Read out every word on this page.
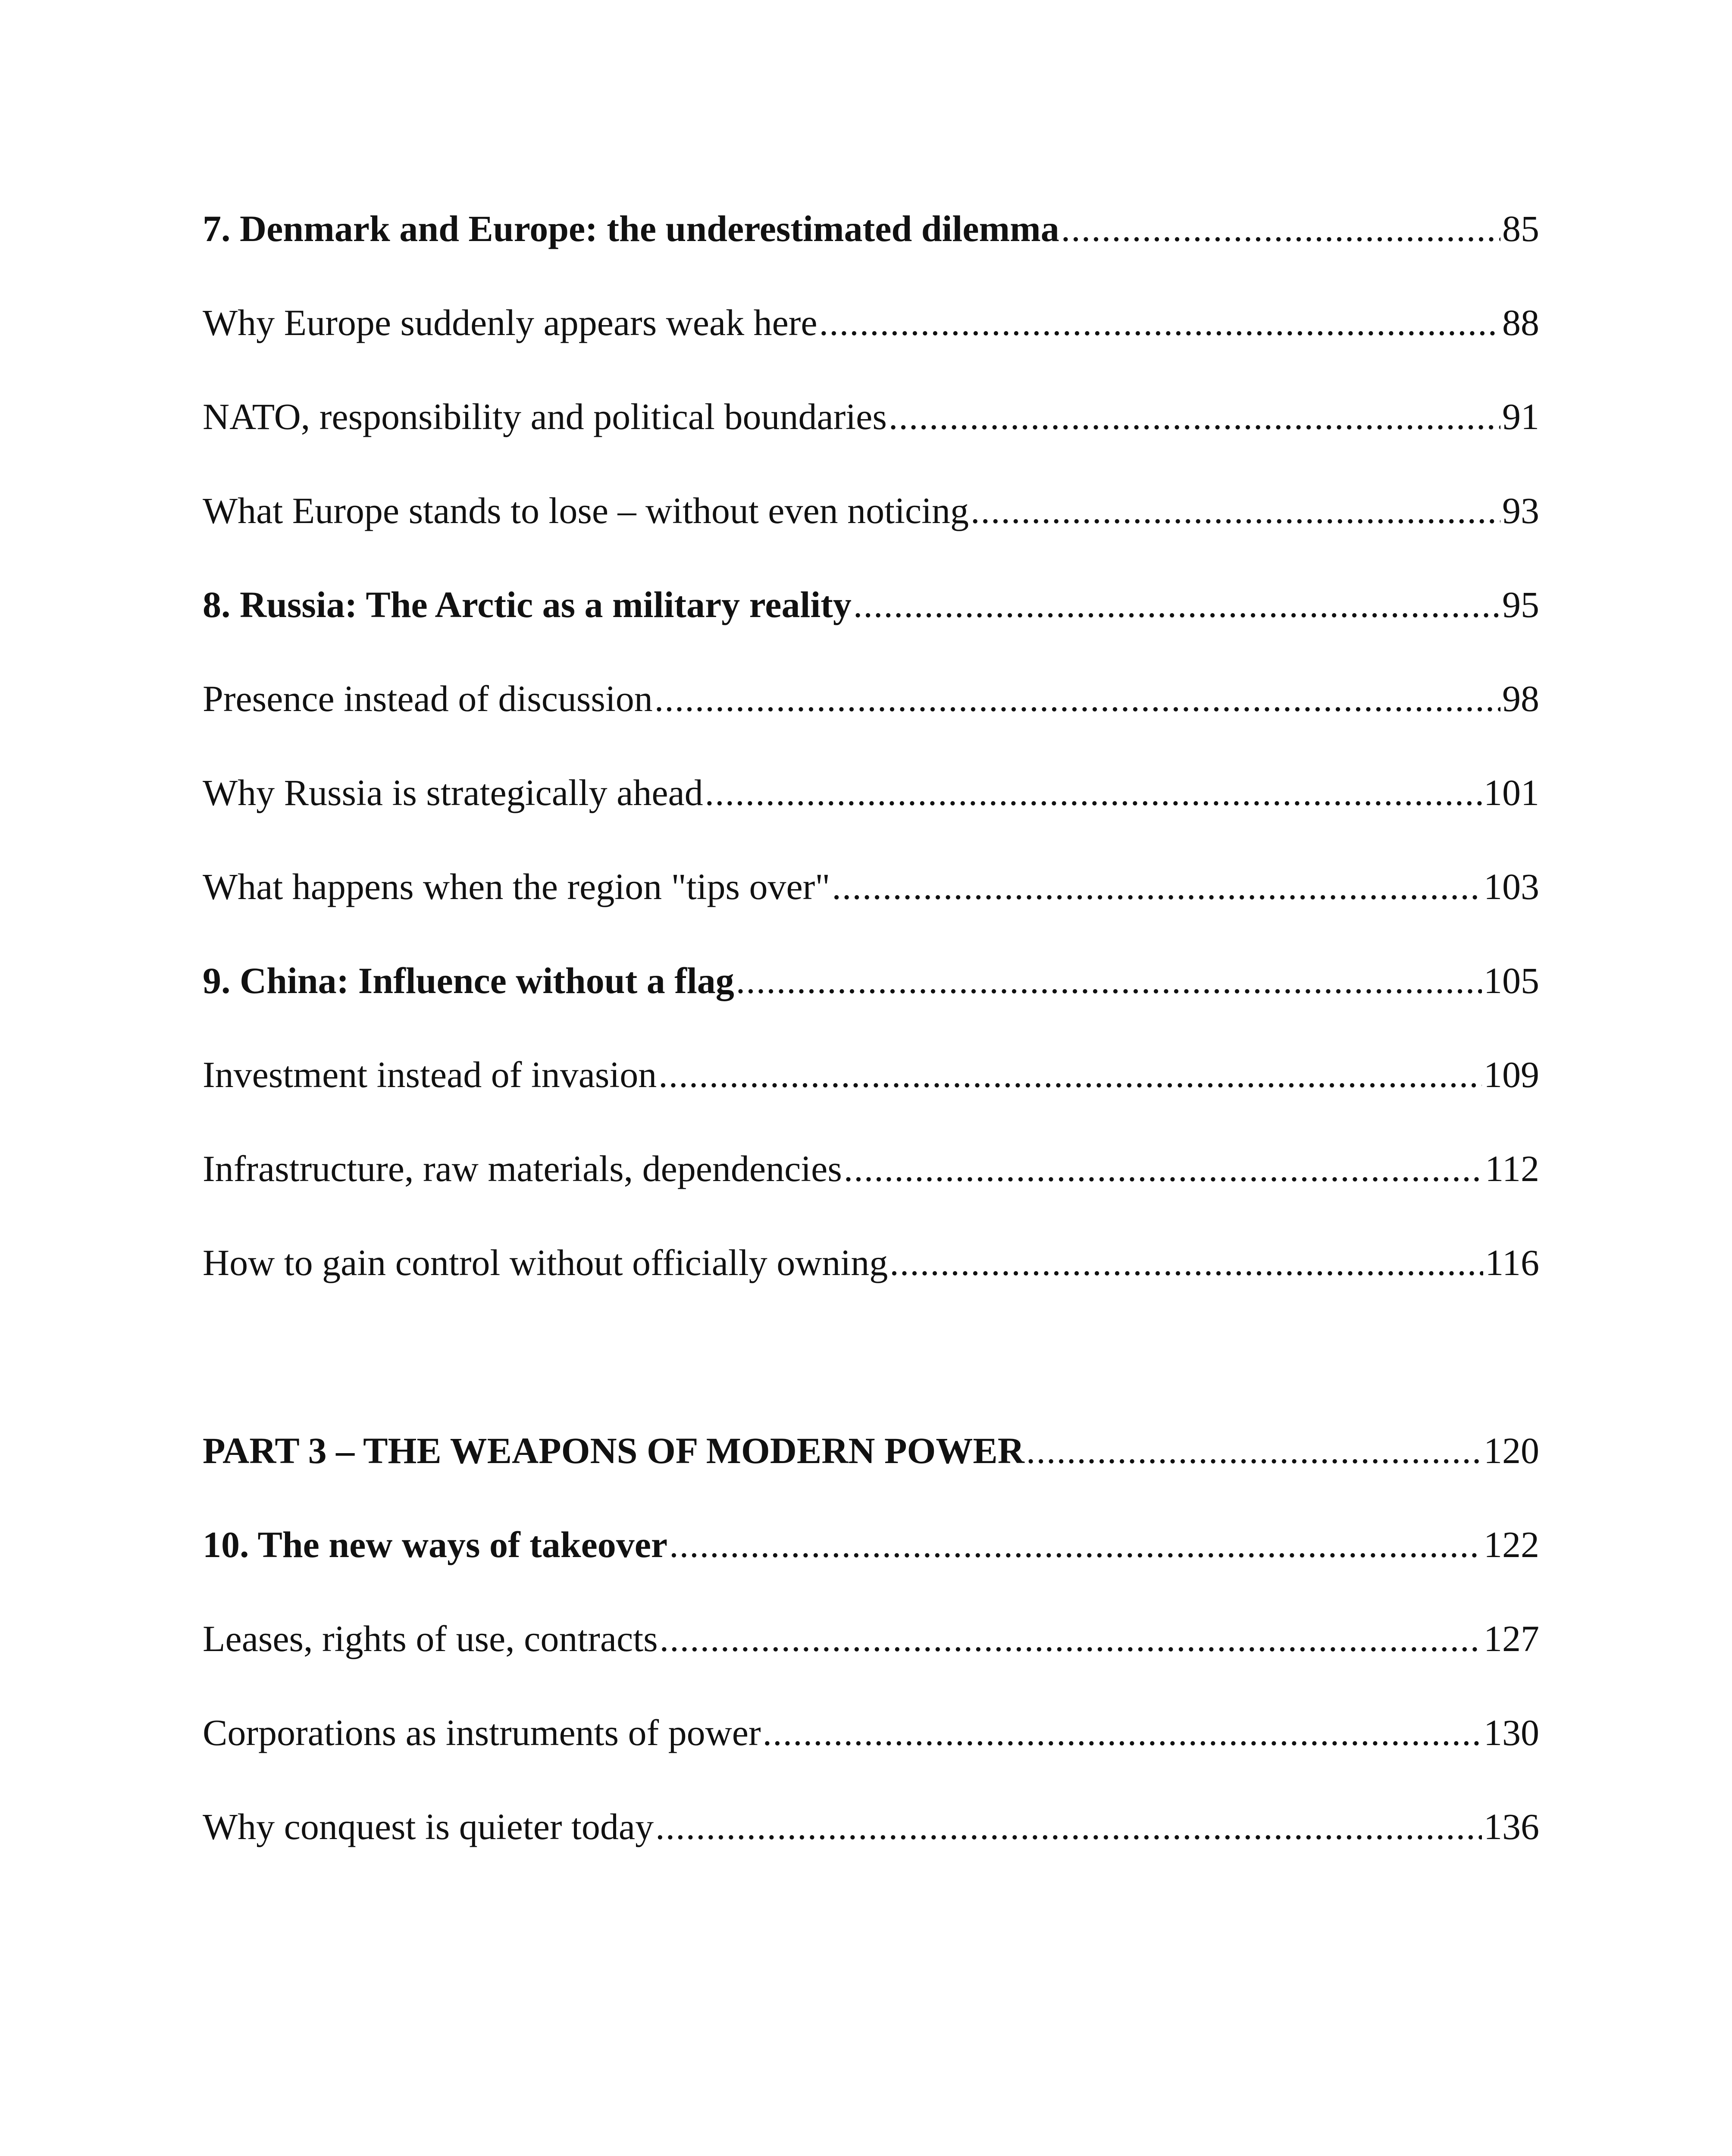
7. Denmark and Europe: the underestimated dilemma .....	85
Why Europe suddenly appears weak here .....	88
NATO, responsibility and political boundaries .....	91
What Europe stands to lose – without even noticing .....	93
8. Russia: The Arctic as a military reality .....	95
Presence instead of discussion .....	98
Why Russia is strategically ahead .....	101
What happens when the region "tips over" .....	103
9. China: Influence without a flag .....	105
Investment instead of invasion .....	109
Infrastructure, raw materials, dependencies .....	112
How to gain control without officially owning .....	116
PART 3 – THE WEAPONS OF MODERN POWER .....	120
10. The new ways of takeover .....	122
Leases, rights of use, contracts .....	127
Corporations as instruments of power .....	130
Why conquest is quieter today .....	136
